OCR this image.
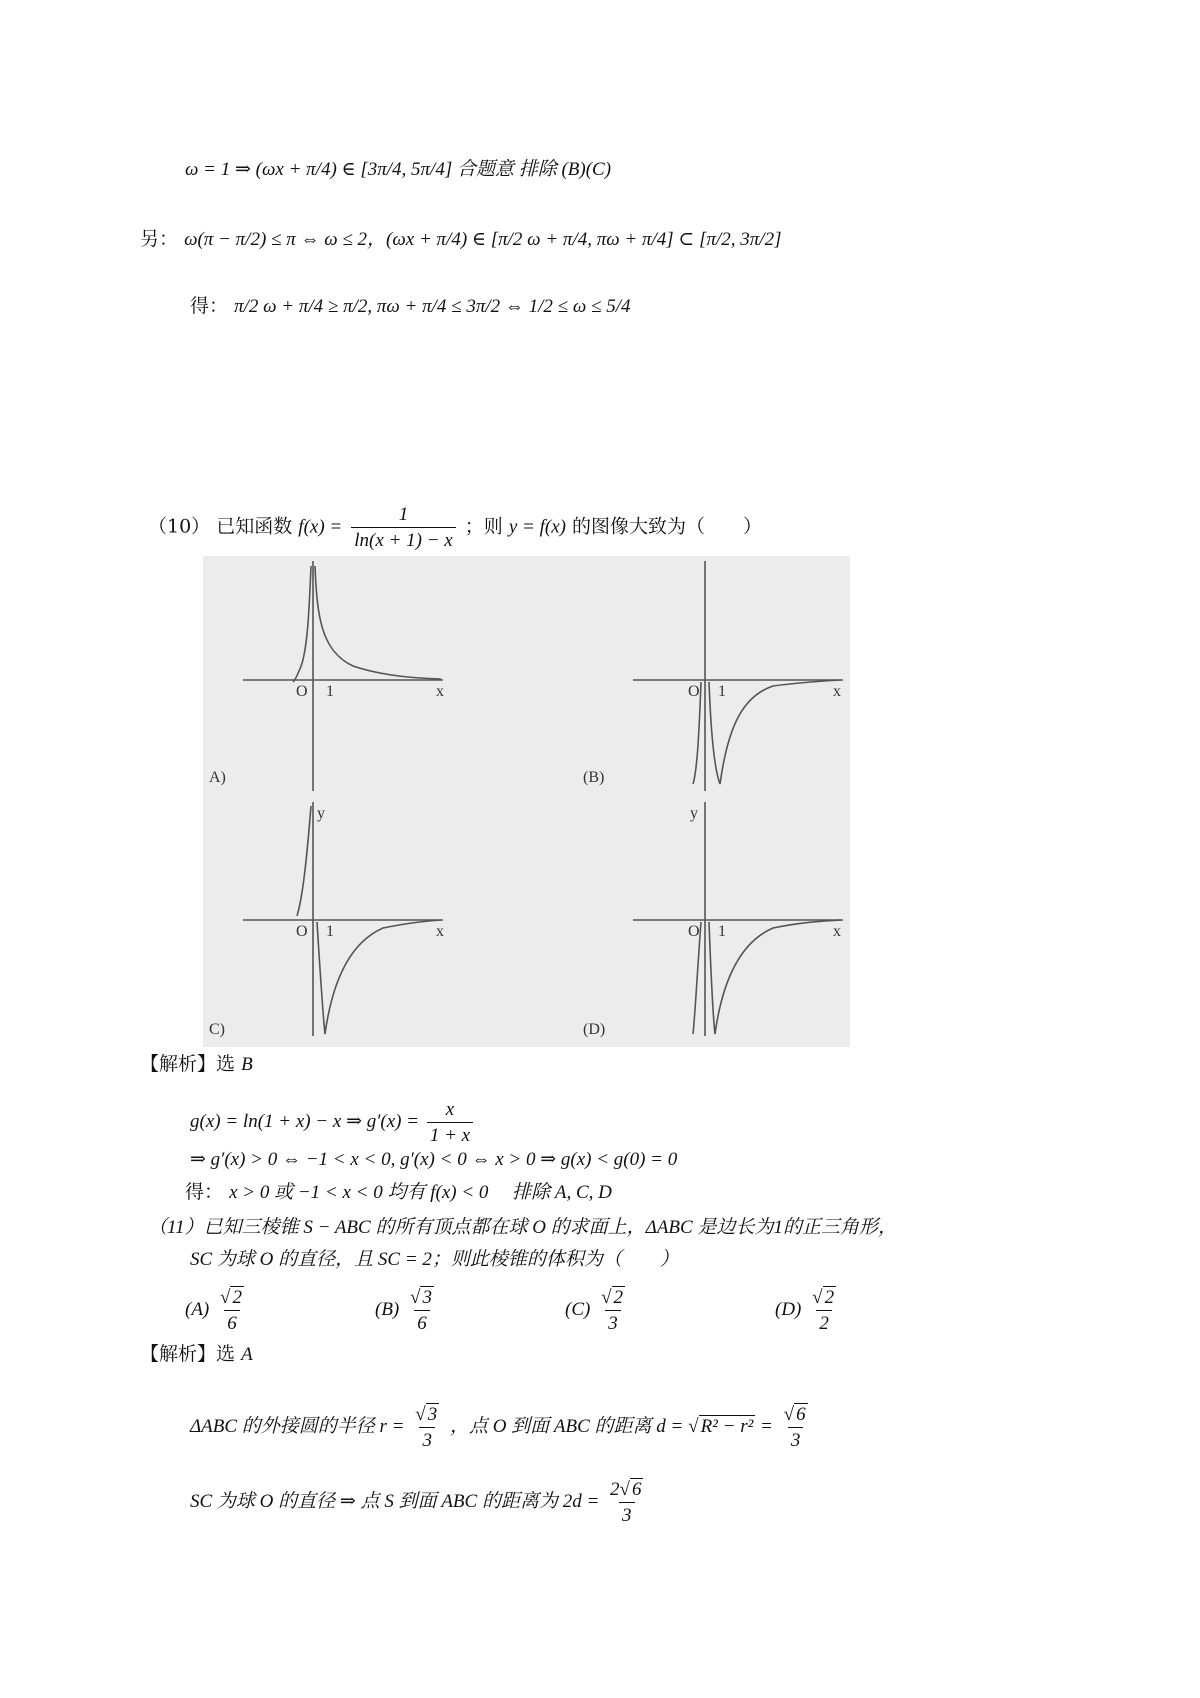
ω = 1 ⇒ (ωx + π/4) ∈ [3π/4, 5π/4] 合题意 排除 (B)(C)
另： ω(π − π/2) ≤ π ⇔ ω ≤ 2，(ωx + π/4) ∈ [π/2 ω + π/4, πω + π/4] ⊂ [π/2, 3π/2]
得： π/2 ω + π/4 ≥ π/2, πω + π/4 ≤ 3π/2 ⇔ 1/2 ≤ ω ≤ 5/4
（10） 已知函数 $f(x) = \frac{1}{\ln(x + 1) - x}$ ；则 y = f(x) 的图像大致为（　　）
A)
O 1	x
(B)
O 1	x
C)
O 1
y
x
(D)
O 1
y
x
【解析】选 B
g(x) = ln(1 + x) − x ⇒ $g'(x) = \frac{x}{1 + x}$
⇒ g′(x) > 0 ⇔ −1 < x < 0, g′(x) < 0 ⇔ x > 0 ⇒ g(x) < g(0) = 0
得： x > 0 或 −1 < x < 0 均有 f(x) < 0　 排除 A, C, D
（11）已知三棱锥 S − ABC 的所有顶点都在球 O 的求面上，ΔABC 是边长为1的正三角形，
SC 为球 O 的直径，且 SC = 2；则此棱锥的体积为（　　）
$(A) \frac{√ 2}{6}$	$(B) \frac{√ 3}{6}$	$(C) \frac{√ 2}{3}$	$(D) \frac{√ 2}{2}$
【解析】选 A
ΔABC 的外接圆的半径 $r = \frac{√ 3}{3}$ ，点 O 到面 ABC 的距离 d = √ $R^2 - r^2 = \frac{√ 6}{3}$
SC 为球 O 的直径 ⇒ 点 S 到面 ABC 的距离为 $2d = \frac{2√ 6}{3}$
